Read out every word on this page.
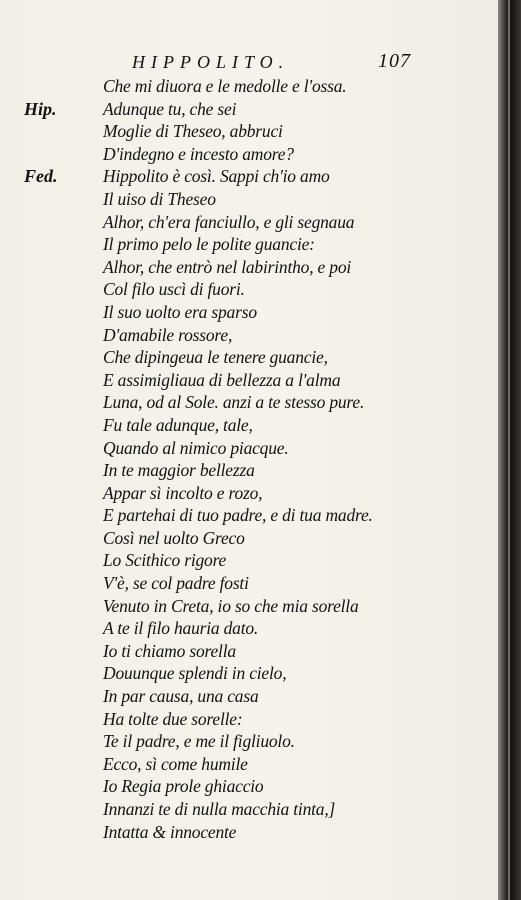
HIPPOLITO.	107
Che mi diuora e le medolle e l'ossa.
Hip.	Adunque tu, che sei
Moglie di Theseo, abbruci
D'indegno e incesto amore?
Fed.	Hippolito è così. Sappi ch'io amo
Il uiso di Theseo
Alhor, ch'era fanciullo, e gli segnaua
Il primo pelo le polite guancie:
Alhor, che entrò nel labirintho, e poi
Col filo uscì di fuori.
Il suo uolto era sparso
D'amabile rossore,
Che dipingeua le tenere guancie,
E assimigliaua di bellezza a l'alma
Luna, od al Sole. anzi a te stesso pure.
Fu tale adunque, tale,
Quando al nimico piacque.
In te maggior bellezza
Appar sì incolto e rozo,
E partehai di tuo padre, e di tua madre.
Così nel uolto Greco
Lo Scithico rigore
V'è, se col padre fosti
Venuto in Creta, io so che mia sorella
A te il filo hauria dato.
Io ti chiamo sorella
Douunque splendi in cielo,
In par causa, una casa
Ha tolte due sorelle:
Te il padre, e me il figliuolo.
Ecco, sì come humile
Io Regia prole ghiaccio
Innanzi te di nulla macchia tinta,]
Intatta & innocente
